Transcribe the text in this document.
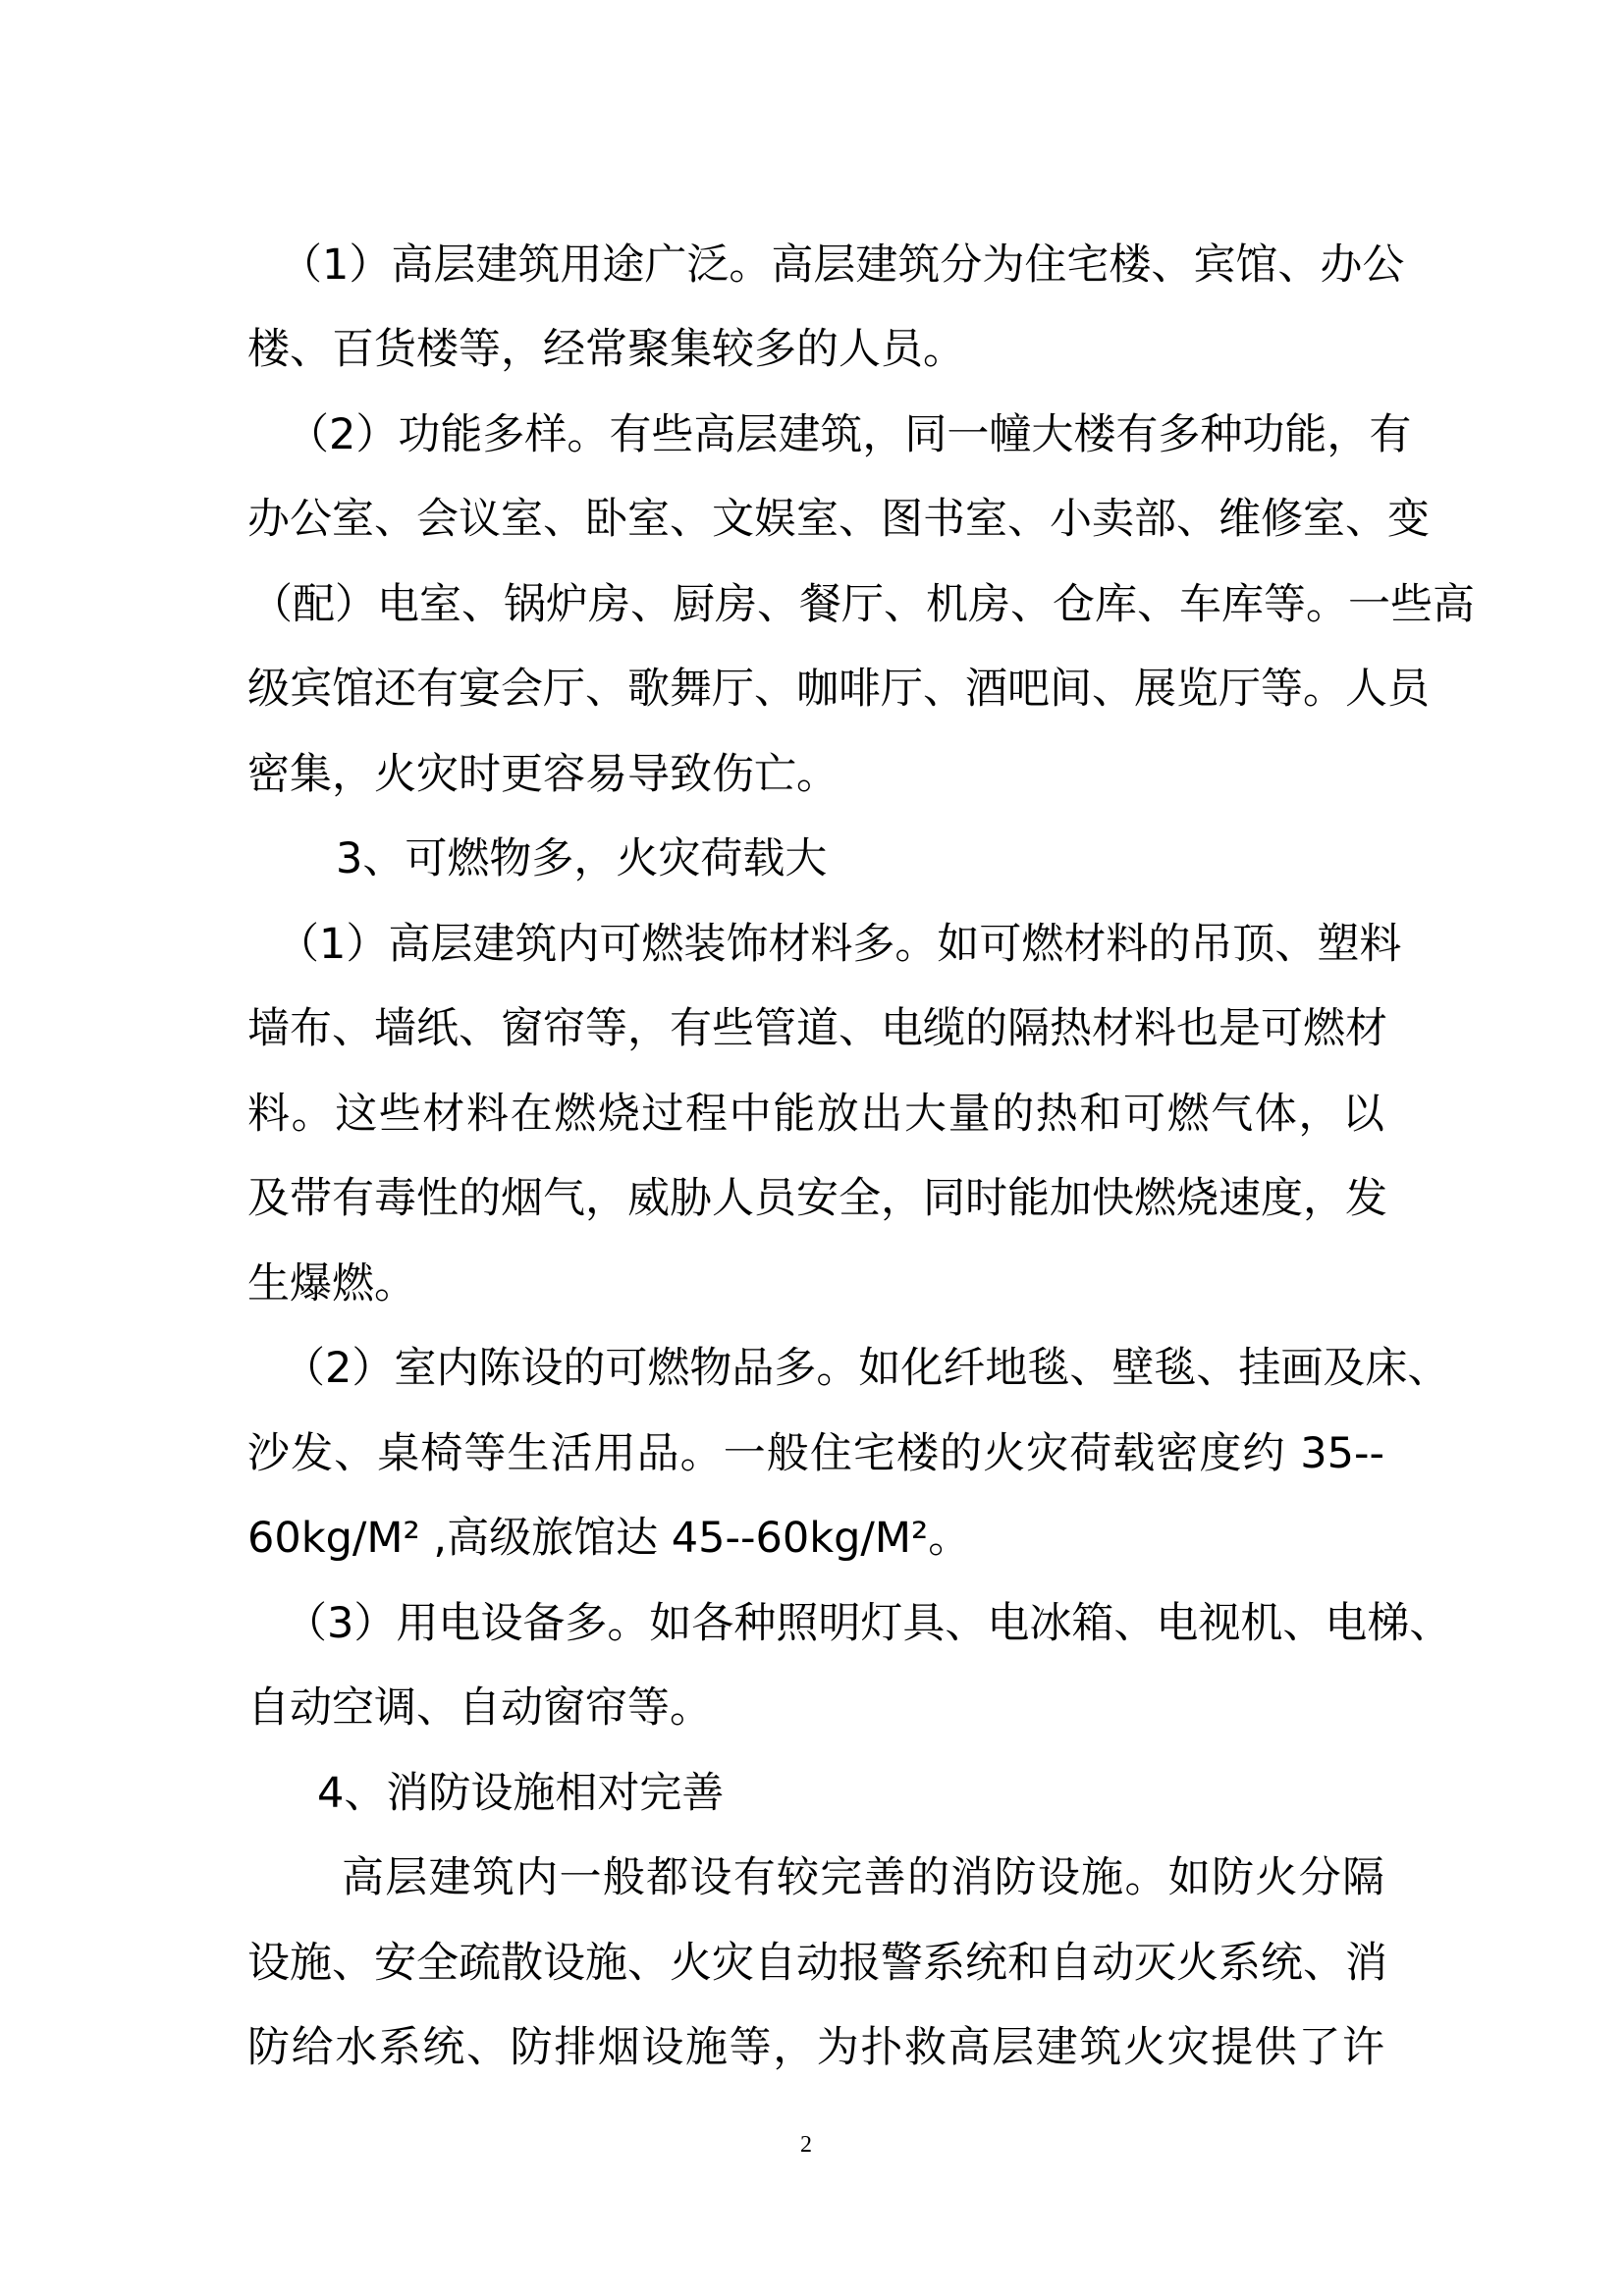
（1）高层建筑用途广泛。高层建筑分为住宅楼、宾馆、办公
楼、百货楼等，经常聚集较多的人员。
（2）功能多样。有些高层建筑，同一幢大楼有多种功能，有
办公室、会议室、卧室、文娱室、图书室、小卖部、维修室、变
（配）电室、锅炉房、厨房、餐厅、机房、仓库、车库等。一些高
级宾馆还有宴会厅、歌舞厅、咖啡厅、酒吧间、展览厅等。人员
密集，火灾时更容易导致伤亡。
3、可燃物多，火灾荷载大
（1）高层建筑内可燃装饰材料多。如可燃材料的吊顶、塑料
墙布、墙纸、窗帘等，有些管道、电缆的隔热材料也是可燃材
料。这些材料在燃烧过程中能放出大量的热和可燃气体，以
及带有毒性的烟气，威胁人员安全，同时能加快燃烧速度，发
生爆燃。
（2）室内陈设的可燃物品多。如化纤地毯、壁毯、挂画及床、
沙发、桌椅等生活用品。一般住宅楼的火灾荷载密度约 35--
60kg/M² ,高级旅馆达 45--60kg/M²。
（3）用电设备多。如各种照明灯具、电冰箱、电视机、电梯、
自动空调、自动窗帘等。
4、消防设施相对完善
高层建筑内一般都设有较完善的消防设施。如防火分隔
设施、安全疏散设施、火灾自动报警系统和自动灭火系统、消
防给水系统、防排烟设施等，为扑救高层建筑火灾提供了许
2
